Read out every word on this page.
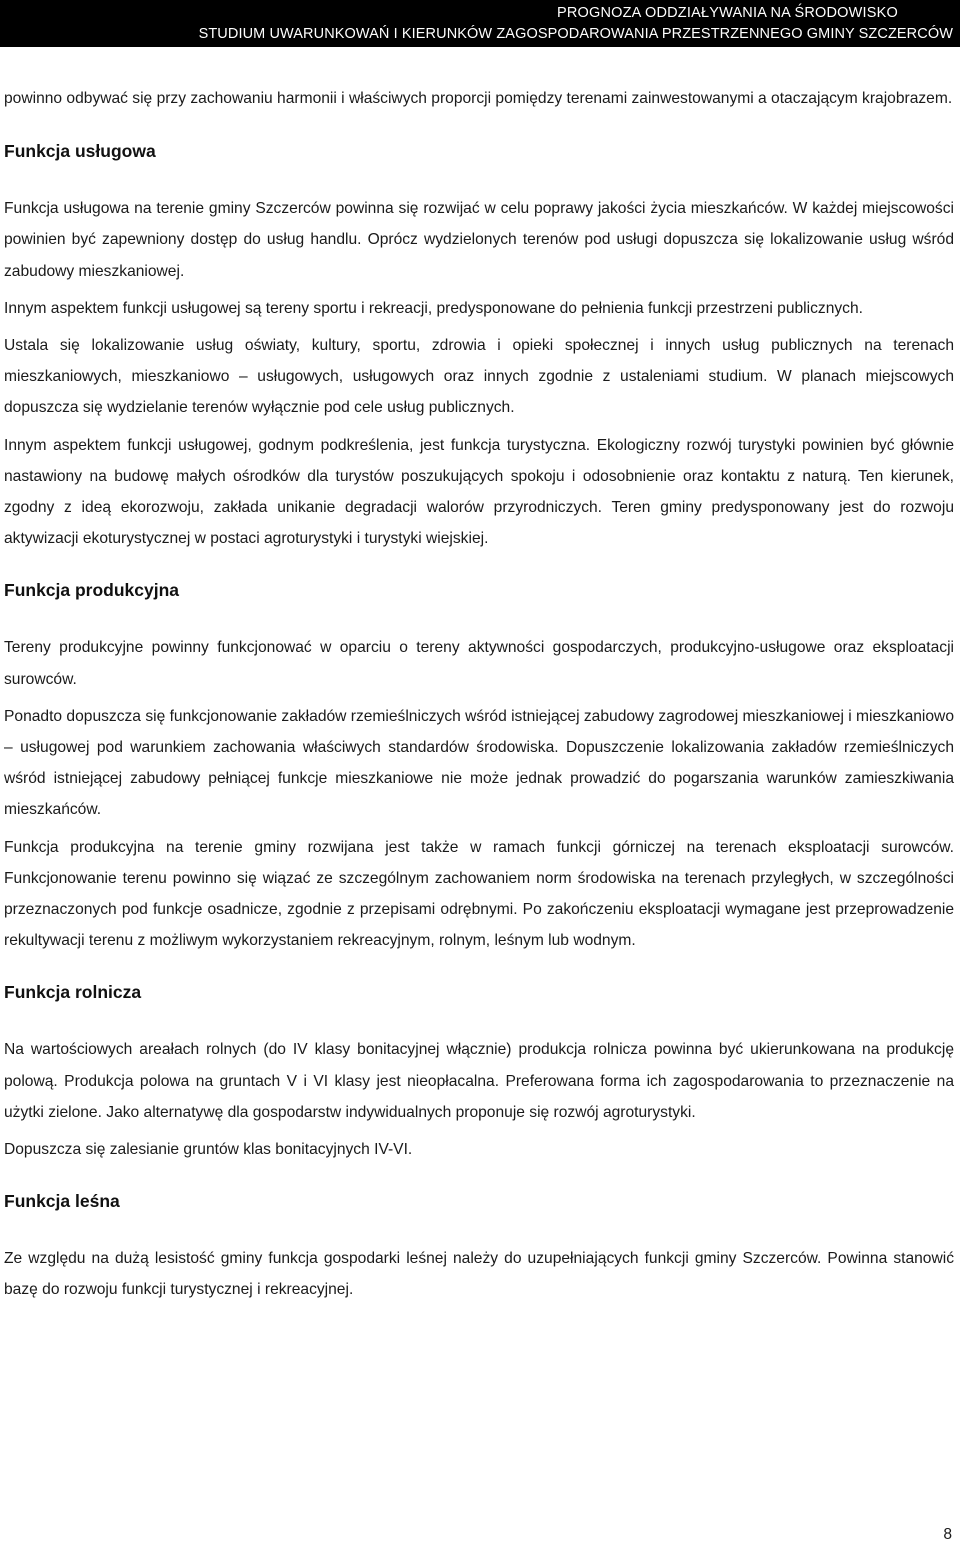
PROGNOZA ODDZIAŁYWANIA NA ŚRODOWISKO
STUDIUM UWARUNKOWAŃ I KIERUNKÓW ZAGOSPODAROWANIA PRZESTRZENNEGO GMINY SZCZERCÓW

powinno odbywać się przy zachowaniu harmonii i właściwych proporcji pomiędzy terenami zainwestowanymi a otaczającym krajobrazem.

Funkcja usługowa

Funkcja usługowa na terenie gminy Szczerców powinna się rozwijać w celu poprawy jakości życia mieszkańców. W każdej miejscowości powinien być zapewniony dostęp do usług handlu. Oprócz wydzielonych terenów pod usługi dopuszcza się lokalizowanie usług wśród zabudowy mieszkaniowej.

Innym aspektem funkcji usługowej są tereny sportu i rekreacji, predysponowane do pełnienia funkcji przestrzeni publicznych.

Ustala się lokalizowanie usług oświaty, kultury, sportu, zdrowia i opieki społecznej i innych usług publicznych na terenach mieszkaniowych, mieszkaniowo – usługowych, usługowych oraz innych zgodnie z ustaleniami studium. W planach miejscowych dopuszcza się wydzielanie terenów wyłącznie pod cele usług publicznych.

Innym aspektem funkcji usługowej, godnym podkreślenia, jest funkcja turystyczna. Ekologiczny rozwój turystyki powinien być głównie nastawiony na budowę małych ośrodków dla turystów poszukujących spokoju i odosobnienie oraz kontaktu z naturą. Ten kierunek, zgodny z ideą ekorozwoju, zakłada unikanie degradacji walorów przyrodniczych. Teren gminy predysponowany jest do rozwoju aktywizacji ekoturystycznej w postaci agroturystyki i turystyki wiejskiej.

Funkcja produkcyjna

Tereny produkcyjne powinny funkcjonować w oparciu o tereny aktywności gospodarczych, produkcyjno-usługowe oraz eksploatacji surowców.

Ponadto dopuszcza się funkcjonowanie zakładów rzemieślniczych wśród istniejącej zabudowy zagrodowej mieszkaniowej i mieszkaniowo – usługowej pod warunkiem zachowania właściwych standardów środowiska. Dopuszczenie lokalizowania zakładów rzemieślniczych wśród istniejącej zabudowy pełniącej funkcje mieszkaniowe nie może jednak prowadzić do pogarszania warunków zamieszkiwania mieszkańców.

Funkcja produkcyjna na terenie gminy rozwijana jest także w ramach funkcji górniczej na terenach eksploatacji surowców. Funkcjonowanie terenu powinno się wiązać ze szczególnym zachowaniem norm środowiska na terenach przyległych, w szczególności przeznaczonych pod funkcje osadnicze, zgodnie z przepisami odrębnymi. Po zakończeniu eksploatacji wymagane jest przeprowadzenie rekultywacji terenu z możliwym wykorzystaniem rekreacyjnym, rolnym, leśnym lub wodnym.

Funkcja rolnicza

Na wartościowych areałach rolnych (do IV klasy bonitacyjnej włącznie) produkcja rolnicza powinna być ukierunkowana na produkcję polową. Produkcja polowa na gruntach V i VI klasy jest nieopłacalna. Preferowana forma ich zagospodarowania to przeznaczenie na użytki zielone. Jako alternatywę dla gospodarstw indywidualnych proponuje się rozwój agroturystyki.

Dopuszcza się zalesianie gruntów klas bonitacyjnych IV-VI.

Funkcja leśna

Ze względu na dużą lesistość gminy funkcja gospodarki leśnej należy do uzupełniających funkcji gminy Szczerców. Powinna stanowić bazę do rozwoju funkcji turystycznej i rekreacyjnej.

8
